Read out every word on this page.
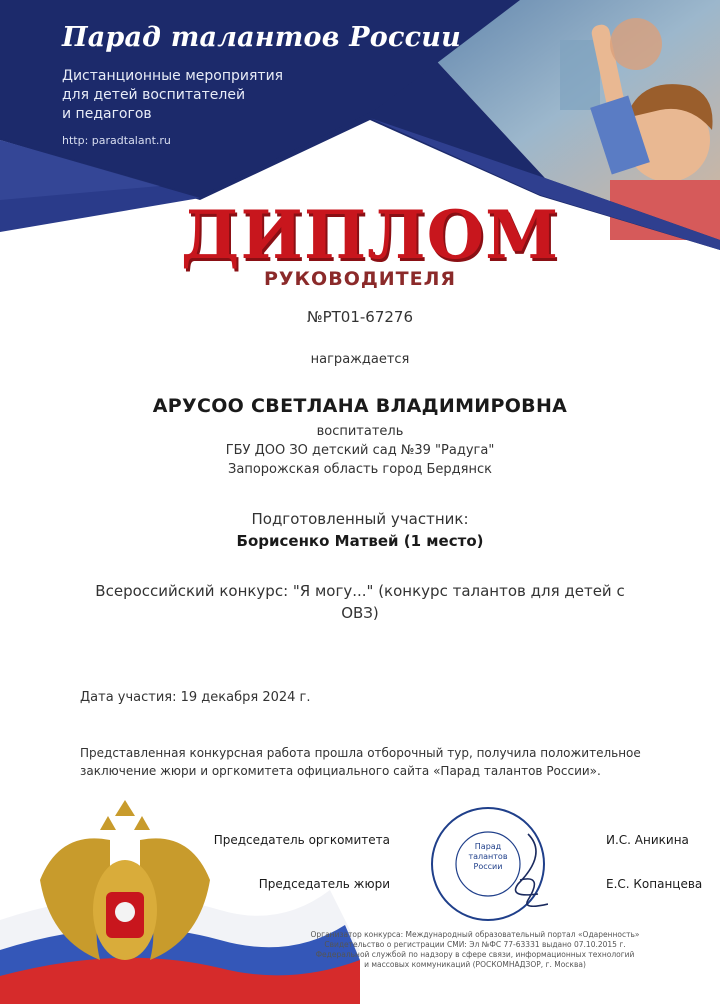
Парад талантов России
Дистанционные мероприятия
для детей воспитателей
и педагогов
http: paradtalant.ru
ДИПЛОМ
РУКОВОДИТЕЛЯ
№РТ01-67276
награждается
АРУСОО СВЕТЛАНА ВЛАДИМИРОВНА
воспитатель
ГБУ ДОО ЗО детский сад №39 "Радуга"
Запорожская область город Бердянск
Подготовленный участник:
Борисенко Матвей (1 место)
Всероссийский конкурс: "Я могу..." (конкурс талантов для детей с ОВЗ)
Дата участия: 19 декабря 2024 г.
Представленная конкурсная работа прошла отборочный тур, получила положительное заключение жюри и оргкомитета официального сайта «Парад талантов России».
Председатель оргкомитета	И.С. Аникина
Председатель жюри	Е.С. Копанцева
Парад
талантов
России
Организатор конкурса: Международный образовательный портал «Одаренность»
Свидетельство о регистрации СМИ: Эл №ФС 77-63331 выдано 07.10.2015 г.
Федеральной службой по надзору в сфере связи, информационных технологий
и массовых коммуникаций (РОСКОМНАДЗОР, г. Москва)
